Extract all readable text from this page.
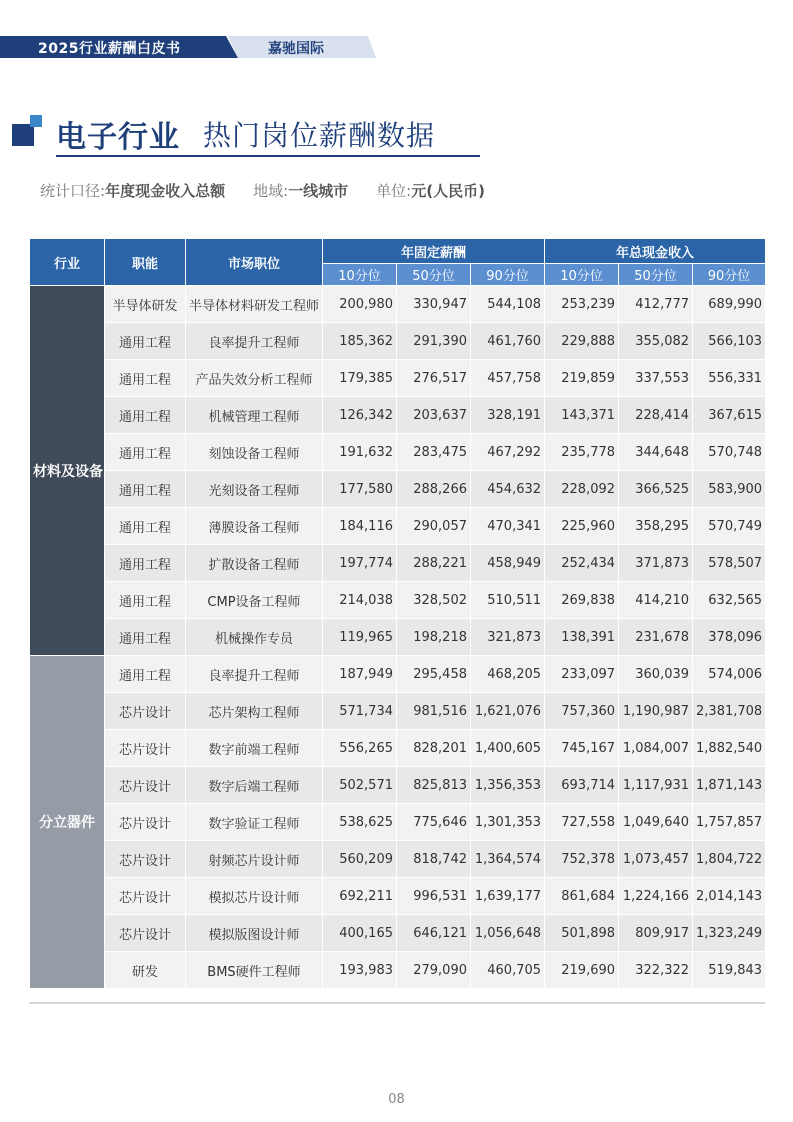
2025行业薪酬白皮书	嘉驰国际
电子行业 热门岗位薪酬数据
统计口径:年度现金收入总额 地域:一线城市 单位:元(人民币)
行业	职能	市场职位	年固定薪酬			年总现金收入		
			10分位	50分位	90分位	10分位	50分位	90分位
材料及设备	半导体研发	半导体材料研发工程师	200,980	330,947	544,108	253,239	412,777	689,990
	通用工程	良率提升工程师	185,362	291,390	461,760	229,888	355,082	566,103
	通用工程	产品失效分析工程师	179,385	276,517	457,758	219,859	337,553	556,331
	通用工程	机械管理工程师	126,342	203,637	328,191	143,371	228,414	367,615
	通用工程	刻蚀设备工程师	191,632	283,475	467,292	235,778	344,648	570,748
	通用工程	光刻设备工程师	177,580	288,266	454,632	228,092	366,525	583,900
	通用工程	薄膜设备工程师	184,116	290,057	470,341	225,960	358,295	570,749
	通用工程	扩散设备工程师	197,774	288,221	458,949	252,434	371,873	578,507
	通用工程	CMP设备工程师	214,038	328,502	510,511	269,838	414,210	632,565
	通用工程	机械操作专员	119,965	198,218	321,873	138,391	231,678	378,096
分立器件	通用工程	良率提升工程师	187,949	295,458	468,205	233,097	360,039	574,006
	芯片设计	芯片架构工程师	571,734	981,516	1,621,076	757,360	1,190,987	2,381,708
	芯片设计	数字前端工程师	556,265	828,201	1,400,605	745,167	1,084,007	1,882,540
	芯片设计	数字后端工程师	502,571	825,813	1,356,353	693,714	1,117,931	1,871,143
	芯片设计	数字验证工程师	538,625	775,646	1,301,353	727,558	1,049,640	1,757,857
	芯片设计	射频芯片设计师	560,209	818,742	1,364,574	752,378	1,073,457	1,804,722
	芯片设计	模拟芯片设计师	692,211	996,531	1,639,177	861,684	1,224,166	2,014,143
	芯片设计	模拟版图设计师	400,165	646,121	1,056,648	501,898	809,917	1,323,249
	研发	BMS硬件工程师	193,983	279,090	460,705	219,690	322,322	519,843
08
